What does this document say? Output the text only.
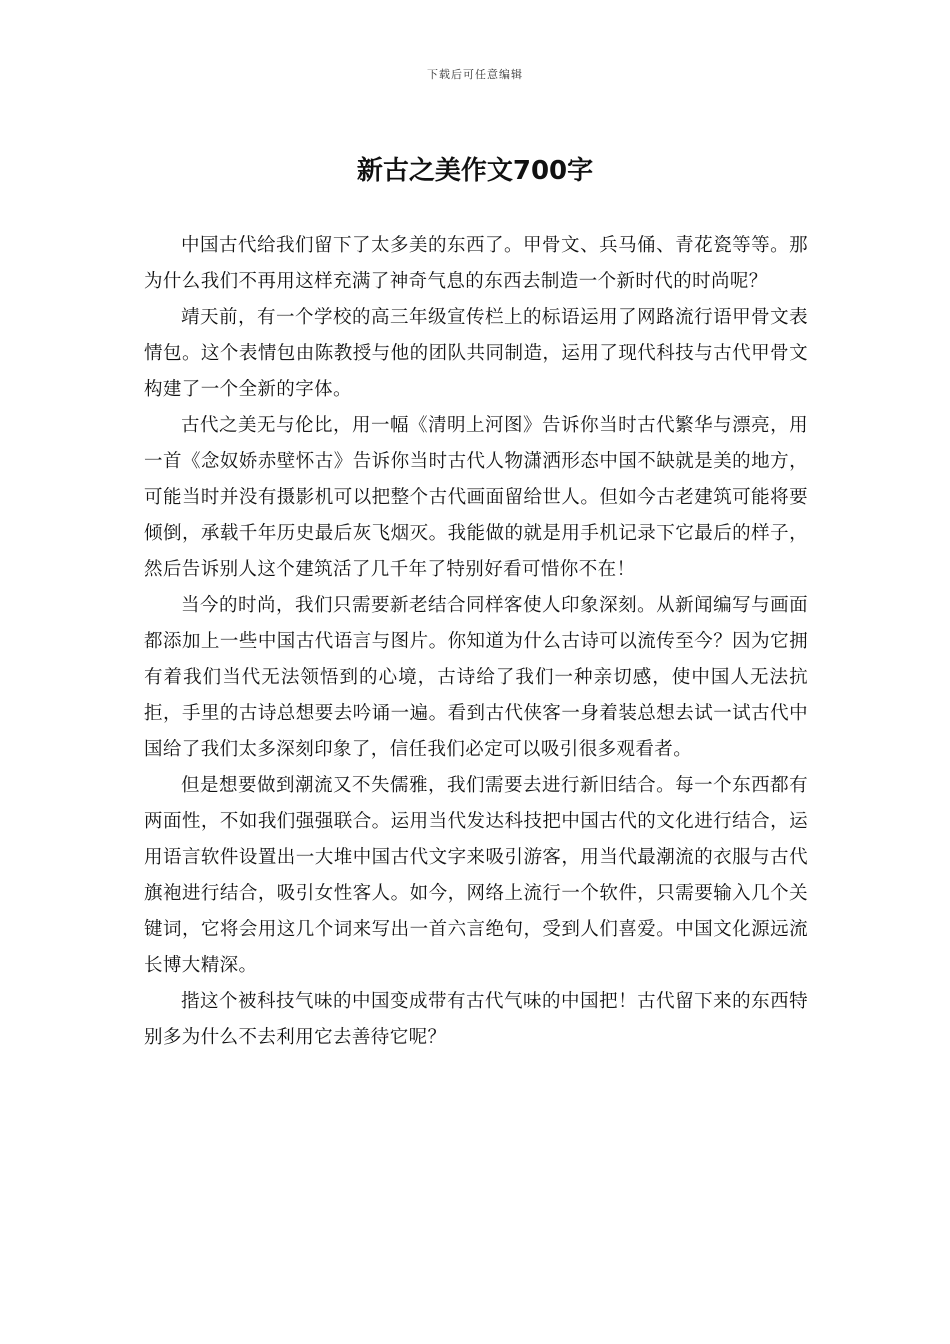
下载后可任意编辑
新古之美作文700字

中国古代给我们留下了太多美的东西了。甲骨文、兵马俑、青花瓷等等。那为什么我们不再用这样充满了神奇气息的东西去制造一个新时代的时尚呢？

靖天前，有一个学校的高三年级宣传栏上的标语运用了网路流行语甲骨文表情包。这个表情包由陈教授与他的团队共同制造，运用了现代科技与古代甲骨文构建了一个全新的字体。

古代之美无与伦比，用一幅《清明上河图》告诉你当时古代繁华与漂亮，用一首《念奴娇赤壁怀古》告诉你当时古代人物潇洒形态中国不缺就是美的地方，可能当时并没有摄影机可以把整个古代画面留给世人。但如今古老建筑可能将要倾倒，承载千年历史最后灰飞烟灭。我能做的就是用手机记录下它最后的样子，然后告诉别人这个建筑活了几千年了特别好看可惜你不在！

当今的时尚，我们只需要新老结合同样客使人印象深刻。从新闻编写与画面都添加上一些中国古代语言与图片。你知道为什么古诗可以流传至今？因为它拥有着我们当代无法领悟到的心境，古诗给了我们一种亲切感，使中国人无法抗拒，手里的古诗总想要去吟诵一遍。看到古代侠客一身着装总想去试一试古代中国给了我们太多深刻印象了，信任我们必定可以吸引很多观看者。

但是想要做到潮流又不失儒雅，我们需要去进行新旧结合。每一个东西都有两面性，不如我们强强联合。运用当代发达科技把中国古代的文化进行结合，运用语言软件设置出一大堆中国古代文字来吸引游客，用当代最潮流的衣服与古代旗袍进行结合，吸引女性客人。如今，网络上流行一个软件，只需要输入几个关键词，它将会用这几个词来写出一首六言绝句，受到人们喜爱。中国文化源远流长博大精深。

揩这个被科技气味的中国变成带有古代气味的中国把！古代留下来的东西特别多为什么不去利用它去善待它呢？
